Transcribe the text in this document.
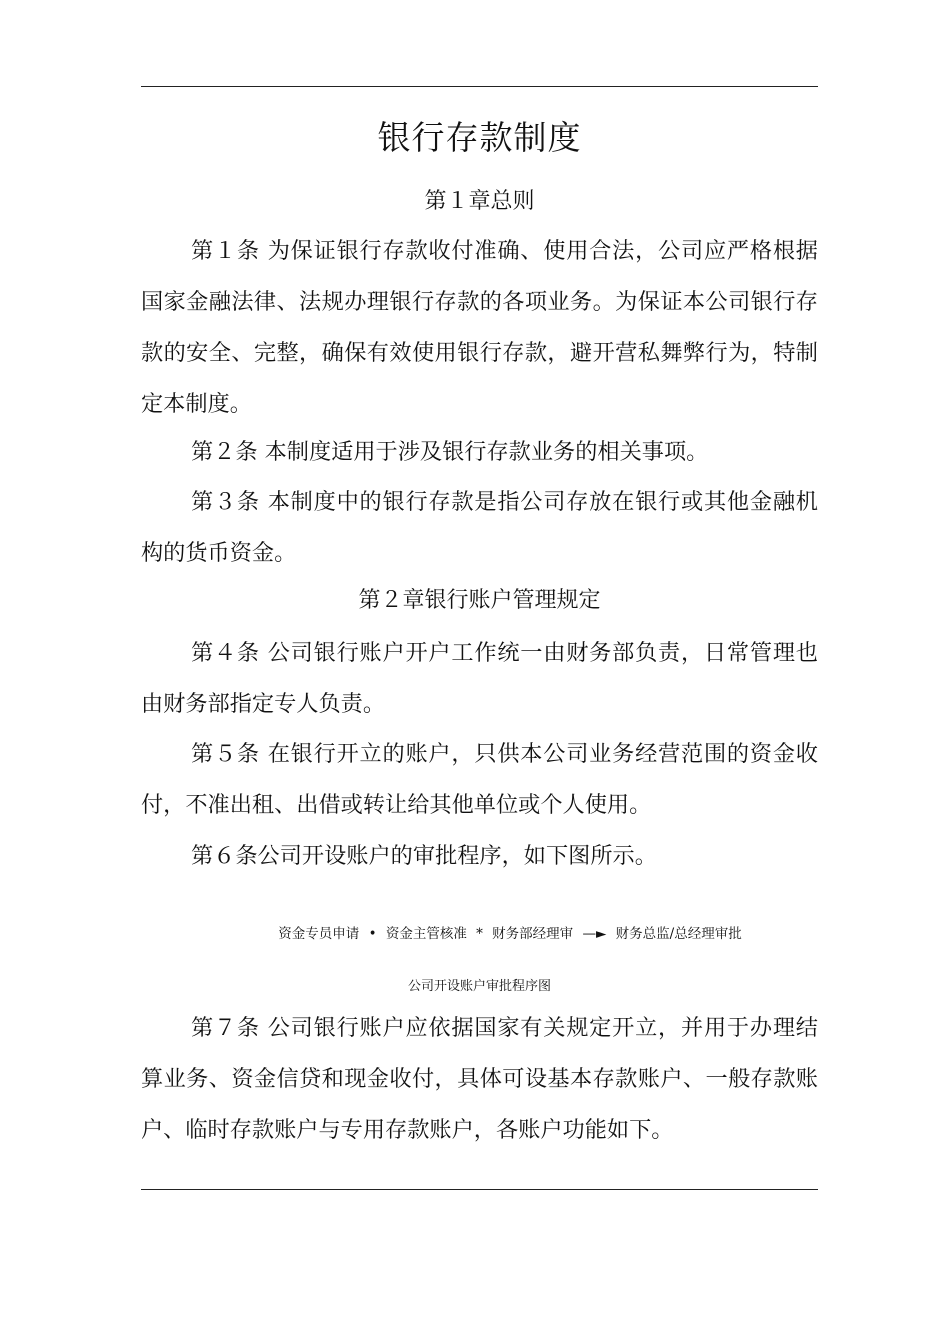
银行存款制度
第１章总则

第１条 为保证银行存款收付准确、使用合法，公司应严格根据国家金融法律、法规办理银行存款的各项业务。为保证本公司银行存款的安全、完整，确保有效使用银行存款，避开营私舞弊行为，特制定本制度。

第２条 本制度适用于涉及银行存款业务的相关事项。

第３条 本制度中的银行存款是指公司存放在银行或其他金融机构的货币资金。

第２章银行账户管理规定

第４条 公司银行账户开户工作统一由财务部负责，日常管理也由财务部指定专人负责。

第５条 在银行开立的账户，只供本公司业务经营范围的资金收付，不准出租、出借或转让给其他单位或个人使用。

第６条公司开设账户的审批程序，如下图所示。

资金专员申请 • 资金主管核准 * 财务部经理审 —► 财务总监/总经理审批
公司开设账户审批程序图

第７条 公司银行账户应依据国家有关规定开立，并用于办理结算业务、资金信贷和现金收付，具体可设基本存款账户、一般存款账户、临时存款账户与专用存款账户，各账户功能如下。
